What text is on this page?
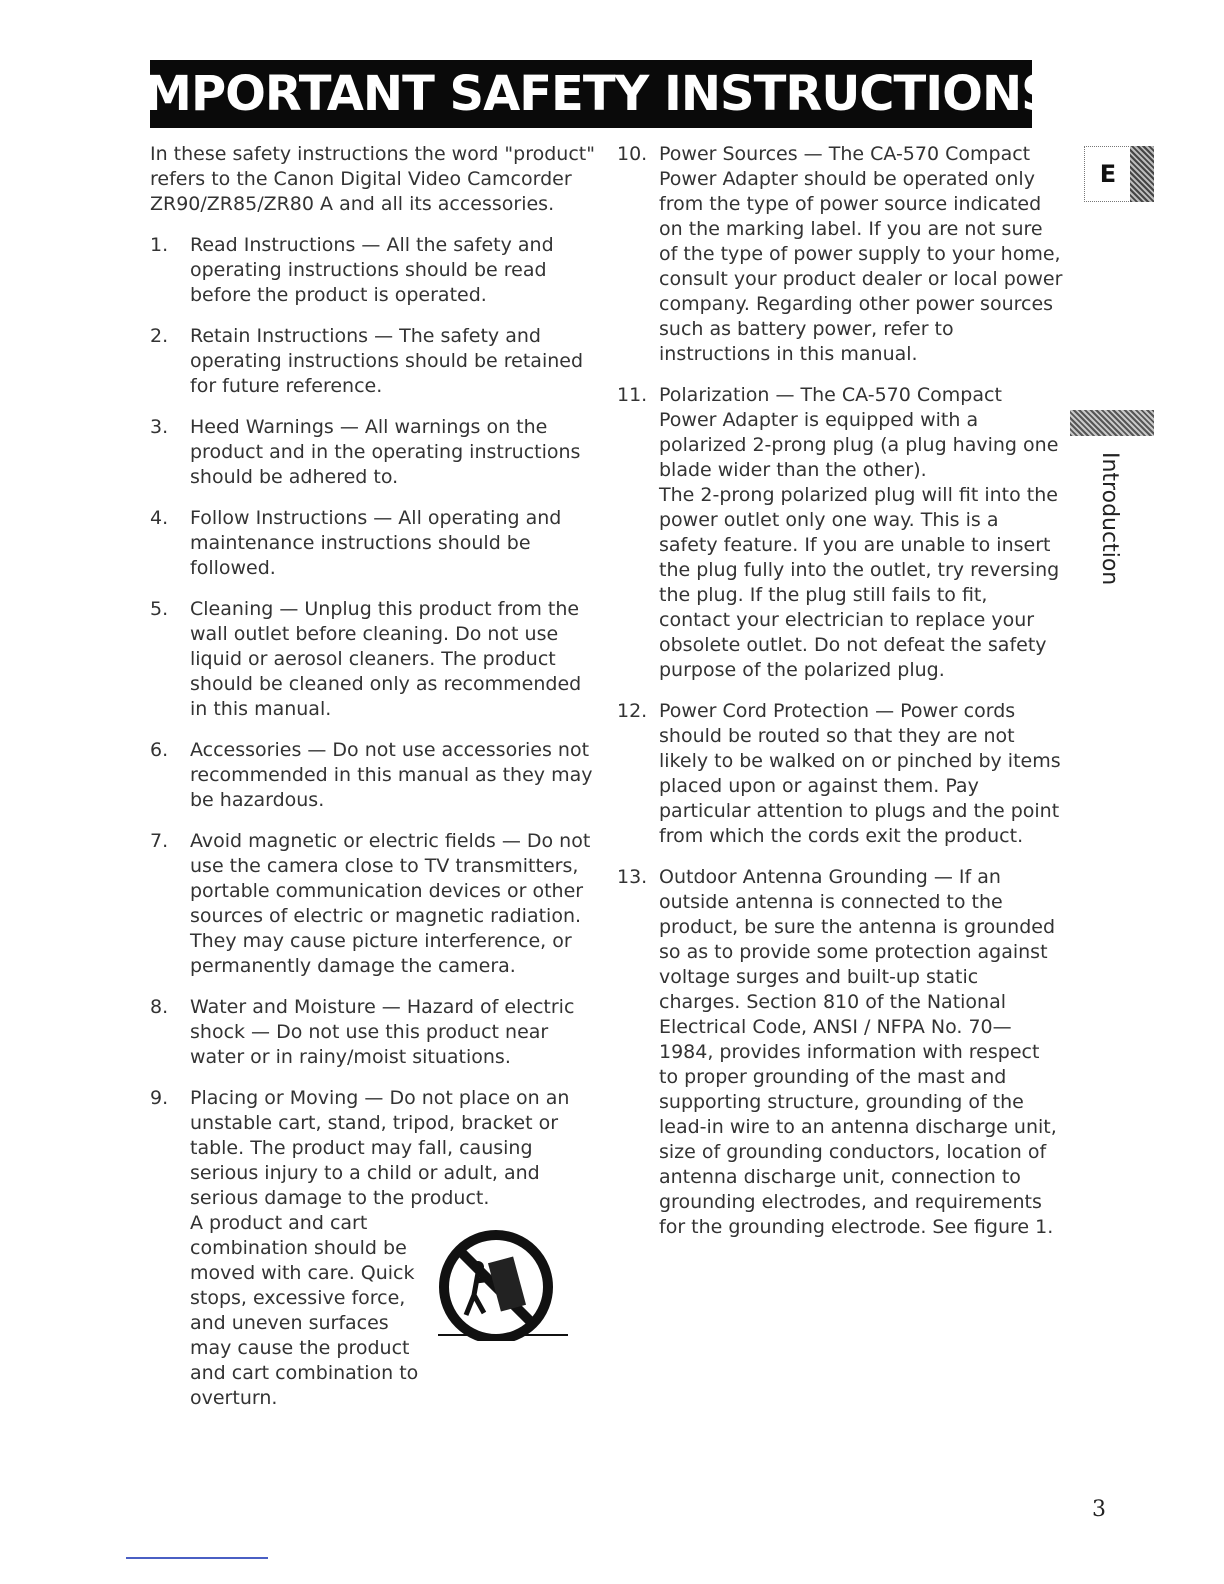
IMPORTANT SAFETY INSTRUCTIONS

In these safety instructions the word "product" refers to the Canon Digital Video Camcorder ZR90/ZR85/ZR80 A and all its accessories.

1. Read Instructions — All the safety and operating instructions should be read before the product is operated.
2. Retain Instructions — The safety and operating instructions should be retained for future reference.
3. Heed Warnings — All warnings on the product and in the operating instructions should be adhered to.
4. Follow Instructions — All operating and maintenance instructions should be followed.
5. Cleaning — Unplug this product from the wall outlet before cleaning. Do not use liquid or aerosol cleaners. The product should be cleaned only as recommended in this manual.
6. Accessories — Do not use accessories not recommended in this manual as they may be hazardous.
7. Avoid magnetic or electric fields — Do not use the camera close to TV transmitters, portable communication devices or other sources of electric or magnetic radiation. They may cause picture interference, or permanently damage the camera.
8. Water and Moisture — Hazard of electric shock — Do not use this product near water or in rainy/moist situations.
9. Placing or Moving — Do not place on an unstable cart, stand, tripod, bracket or table. The product may fall, causing serious injury to a child or adult, and serious damage to the product.
A product and cart combination should be moved with care. Quick stops, excessive force, and uneven surfaces may cause the product and cart combination to overturn.
10. Power Sources — The CA-570 Compact Power Adapter should be operated only from the type of power source indicated on the marking label. If you are not sure of the type of power supply to your home, consult your product dealer or local power company. Regarding other power sources such as battery power, refer to instructions in this manual.
11. Polarization — The CA-570 Compact Power Adapter is equipped with a polarized 2-prong plug (a plug having one blade wider than the other).
The 2-prong polarized plug will fit into the power outlet only one way. This is a safety feature. If you are unable to insert the plug fully into the outlet, try reversing the plug. If the plug still fails to fit, contact your electrician to replace your obsolete outlet. Do not defeat the safety purpose of the polarized plug.
12. Power Cord Protection — Power cords should be routed so that they are not likely to be walked on or pinched by items placed upon or against them. Pay particular attention to plugs and the point from which the cords exit the product.
13. Outdoor Antenna Grounding — If an outside antenna is connected to the product, be sure the antenna is grounded so as to provide some protection against voltage surges and built-up static charges. Section 810 of the National Electrical Code, ANSI / NFPA No. 70—1984, provides information with respect to proper grounding of the mast and supporting structure, grounding of the lead-in wire to an antenna discharge unit, size of grounding conductors, location of antenna discharge unit, connection to grounding electrodes, and requirements for the grounding electrode. See figure 1.
E
Introduction
3
